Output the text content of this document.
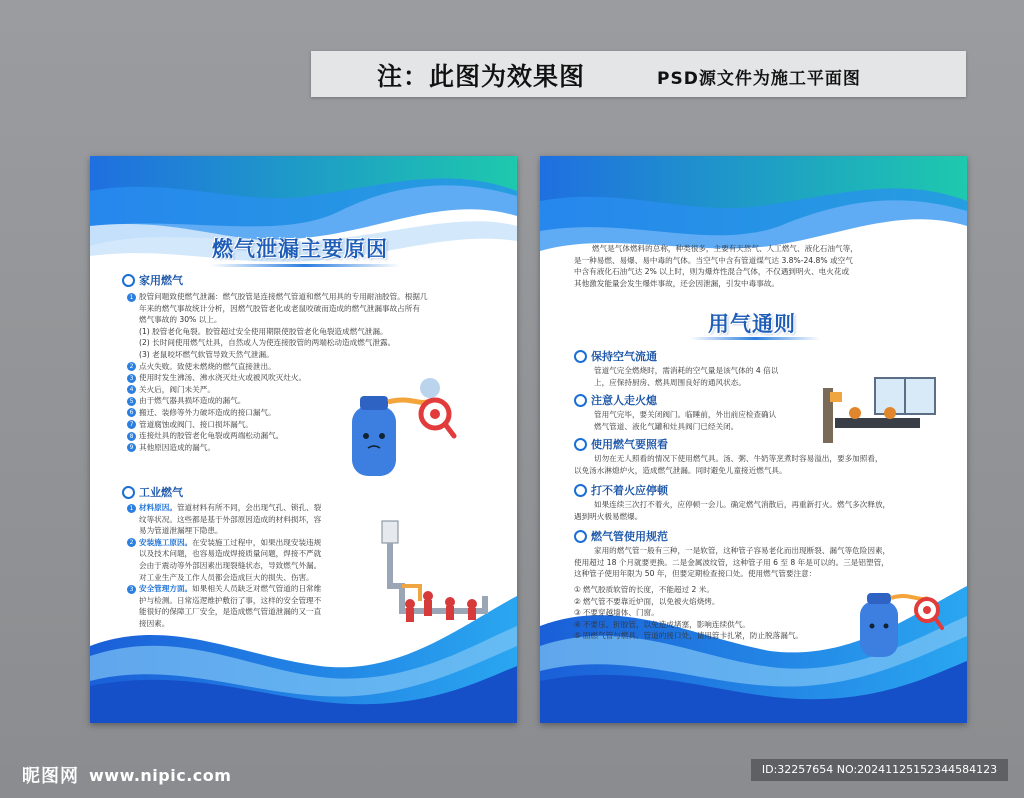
注：此图为效果图	PSD源文件为施工平面图
燃气泄漏主要原因
家用燃气
1 胶管问题致使燃气泄漏：燃气胶管是连接燃气管道和燃气用具的专用耐油胶管。根据几
年来的燃气事故统计分析，因燃气胶管老化或老鼠咬破而造成的燃气泄漏事故占所有
燃气事故的 30% 以上。
(1) 胶管老化龟裂。胶管超过安全使用期限使胶管老化龟裂造成燃气泄漏。
(2) 长时间使用燃气灶具，自然或人为使连接胶管的两端松动造成燃气泄露。
(3) 老鼠咬坏燃气软管导致天然气泄漏。
2 点火失败。致使未燃烧的燃气直接泄出。
3 使用时发生沸汤、沸水浇灭灶火或被风吹灭灶火。
4 关火后，阀门未关严。
5 由于燃气器具损坏造成的漏气。
6 搬迁、装修等外力破坏造成的接口漏气。
7 管道腐蚀或阀门、接口损坏漏气。
8 连接灶具的胶管老化龟裂或两端松动漏气。
9 其他原因造成的漏气。
工业燃气
1 材料原因。管道材料有所不同，会出现气孔、锁孔、裂
纹等状况。这些都是基于外部原因造成的材料损坏，容
易为管道泄漏埋下隐患。
2 安装施工原因。在安装施工过程中，如果出现安装违规
以及技术问题，也容易造成焊接质量问题，焊接不严就
会由于震动等外部因素出现裂缝状态，导致燃气外漏。
对工业生产及工作人员都会造成巨大的损失、伤害。
3 安全管理方面。如果相关人员缺乏对燃气管道的日常维
护与检测。日常巡逻维护敷衍了事，这样的安全管理不
能很好的保障工厂安全，是造成燃气管道泄漏的又一直
接因素。
燃气是气体燃料的总称，种类很多，主要有天然气、人工燃气、液化石油气等，
是一种易燃、易爆、易中毒的气体。当空气中含有管道煤气达 3.8%-24.8% 或空气
中含有液化石油气达 2% 以上时，则为爆炸性混合气体，不仅遇到明火、电火花或
其他激发能量会发生爆炸事故，还会因泄漏，引发中毒事故。
用气通则
保持空气流通
管道气完全燃烧时，需消耗的空气量是该气体的 4 倍以
上，应保持厨房、燃具周围良好的通风状态。
注意人走火熄
管用气完毕，要关闭阀门。临睡前，外出前应检查确认
燃气管道、液化气罐和灶具阀门已经关闭。
使用燃气要照看
切勿在无人照看的情况下使用燃气具。汤、粥、牛奶等烹煮时容易溢出，要多加照看，
以免汤水淋熄炉火，造成燃气泄漏。同时避免儿童接近燃气具。
打不着火应停顿
如果连续三次打不着火，应停顿一会儿。确定燃气消散后，再重新打火。燃气多次释放，
遇到明火极易燃爆。
燃气管使用规范
家用的燃气管一般有三种，一是软管，这种管子容易老化而出现断裂、漏气等危险因素，
使用超过 18 个月就要更换。二是金属波纹管，这种管子用 6 至 8 年是可以的。三是铝塑管，
这种管子使用年限为 50 年，但要定期检查接口处。使用燃气管要注意：
① 燃气胶质软管的长度，不能超过 2 米。
② 燃气管不要靠近炉面，以免被火焰烧烤。
③ 不要穿越墙体、门窗。
④ 不要压、折胶管，以免造成堵塞，影响连续供气。
⑤ 固燃气管与燃具、管道的接口处，请用管卡扎紧，防止脱落漏气。
昵图网 www.nipic.com	ID:32257654 NO:20241125152344584123
